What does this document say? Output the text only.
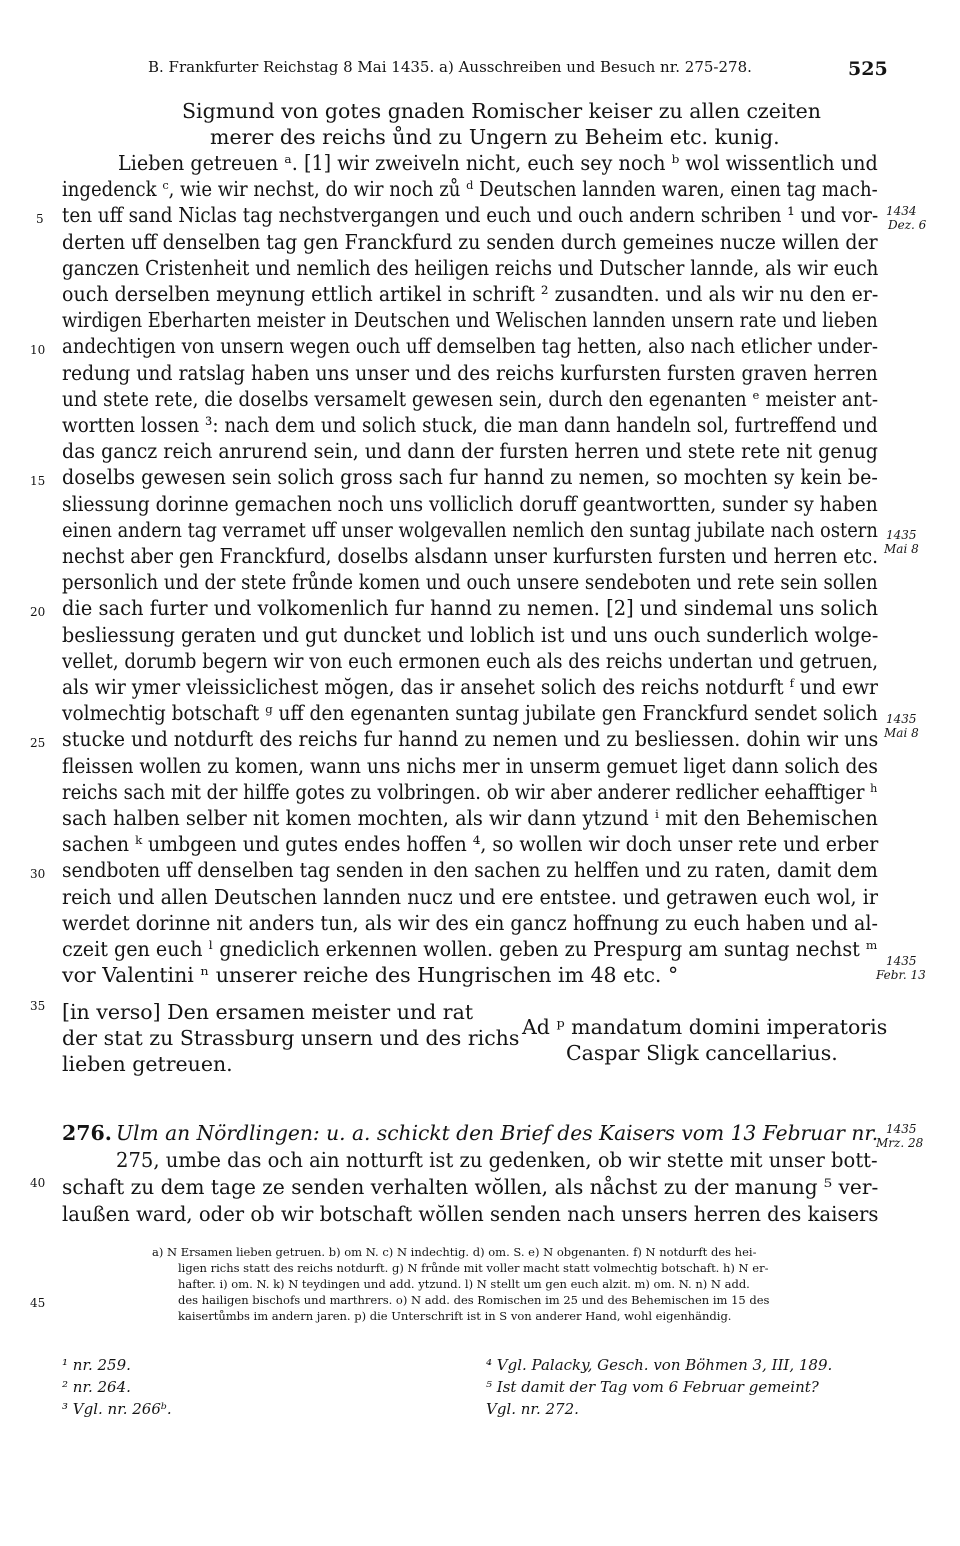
B. Frankfurter Reichstag 8 Mai 1435. a) Ausschreiben und Besuch nr. 275-278.	525
Sigmund von gotes gnaden Romischer keiser zu allen czeiten
merer des reichs ůnd zu Ungern zu Beheim etc. kunig.
Lieben getreuen ᵃ. [1] wir zweiveln nicht, euch sey noch ᵇ wol wissentlich und
ingedenck ᶜ, wie wir nechst, do wir noch zů ᵈ Deutschen lannden waren, einen tag mach-
ten uff sand Niclas tag nechstvergangen und euch und ouch andern schriben ¹ und vor-
derten uff denselben tag gen Franckfurd zu senden durch gemeines nucze willen der
ganczen Cristenheit und nemlich des heiligen reichs und Dutscher lannde, als wir euch
ouch derselben meynung ettlich artikel in schrift ² zusandten. und als wir nu den er-
wirdigen Eberharten meister in Deutschen und Welischen lannden unsern rate und lieben
andechtigen von unsern wegen ouch uff demselben tag hetten, also nach etlicher under-
redung und ratslag haben uns unser und des reichs kurfursten fursten graven herren
und stete rete, die doselbs versamelt gewesen sein, durch den egenanten ᵉ meister ant-
wortten lossen ³: nach dem und solich stuck, die man dann handeln sol, furtreffend und
das gancz reich anrurend sein, und dann der fursten herren und stete rete nit genug
doselbs gewesen sein solich gross sach fur hannd zu nemen, so mochten sy kein be-
sliessung dorinne gemachen noch uns volliclich doruff geantwortten, sunder sy haben
einen andern tag verramet uff unser wolgevallen nemlich den suntag jubilate nach ostern
nechst aber gen Franckfurd, doselbs alsdann unser kurfursten fursten und herren etc.
personlich und der stete frůnde komen und ouch unsere sendeboten und rete sein sollen
die sach furter und volkomenlich fur hannd zu nemen. [2] und sindemal uns solich
besliessung geraten und gut duncket und loblich ist und uns ouch sunderlich wolge-
vellet, dorumb begern wir von euch ermonen euch als des reichs undertan und getruen,
als wir ymer vleissiclichest mŏgen, das ir ansehet solich des reichs notdurft ᶠ und ewr
volmechtig botschaft ᵍ uff den egenanten suntag jubilate gen Franckfurd sendet solich
stucke und notdurft des reichs fur hannd zu nemen und zu besliessen. dohin wir uns
fleissen wollen zu komen, wann uns nichs mer in unserm gemuet liget dann solich des
reichs sach mit der hilffe gotes zu volbringen. ob wir aber anderer redlicher eehafftiger ʰ
sach halben selber nit komen mochten, als wir dann ytzund ⁱ mit den Behemischen
sachen ᵏ umbgeen und gutes endes hoffen ⁴, so wollen wir doch unser rete und erber
sendboten uff denselben tag senden in den sachen zu helffen und zu raten, damit dem
reich und allen Deutschen lannden nucz und ere entstee. und getrawen euch wol, ir
werdet dorinne nit anders tun, als wir des ein gancz hoffnung zu euch haben und al-
czeit gen euch ˡ gnediclich erkennen wollen. geben zu Prespurg am suntag nechst ᵐ
vor Valentini ⁿ unserer reiche des Hungrischen im 48 etc. °
5
10
15
20
25
30
35
40
45
1434
Dez. 6
1435
Mai 8
1435
Mai 8
1435
Febr. 13
1435
Mrz. 28
[in verso] Den ersamen meister und rat
der stat zu Strassburg unsern und des richs
lieben getreuen.
Ad ᵖ mandatum domini imperatoris
Caspar Sligk cancellarius.
276. Ulm an Nördlingen: u. a. schickt den Brief des Kaisers vom 13 Februar nr.
275, umbe das och ain notturft ist zu gedenken, ob wir stette mit unser bott-
schaft zu dem tage ze senden verhalten wŏllen, als nåchst zu der manung ⁵ ver-
laußen ward, oder ob wir botschaft wŏllen senden nach unsers herren des kaisers
a) N Ersamen lieben getruen. b) om N. c) N indechtig. d) om. S. e) N obgenanten. f) N notdurft des hei-
ligen richs statt des reichs notdurft. g) N frůnde mit voller macht statt volmechtig botschaft. h) N er-
hafter. i) om. N. k) N teydingen und add. ytzund. l) N stellt um gen euch alzit. m) om. N. n) N add.
des hailigen bischofs und marthrers. o) N add. des Romischen im 25 und des Behemischen im 15 des
kaisertůmbs im andern jaren. p) die Unterschrift ist in S von anderer Hand, wohl eigenhändig.
¹ nr. 259.
² nr. 264.
³ Vgl. nr. 266ᵇ.
⁴ Vgl. Palacky, Gesch. von Böhmen 3, III, 189.
⁵ Ist damit der Tag vom 6 Februar gemeint?
Vgl. nr. 272.
